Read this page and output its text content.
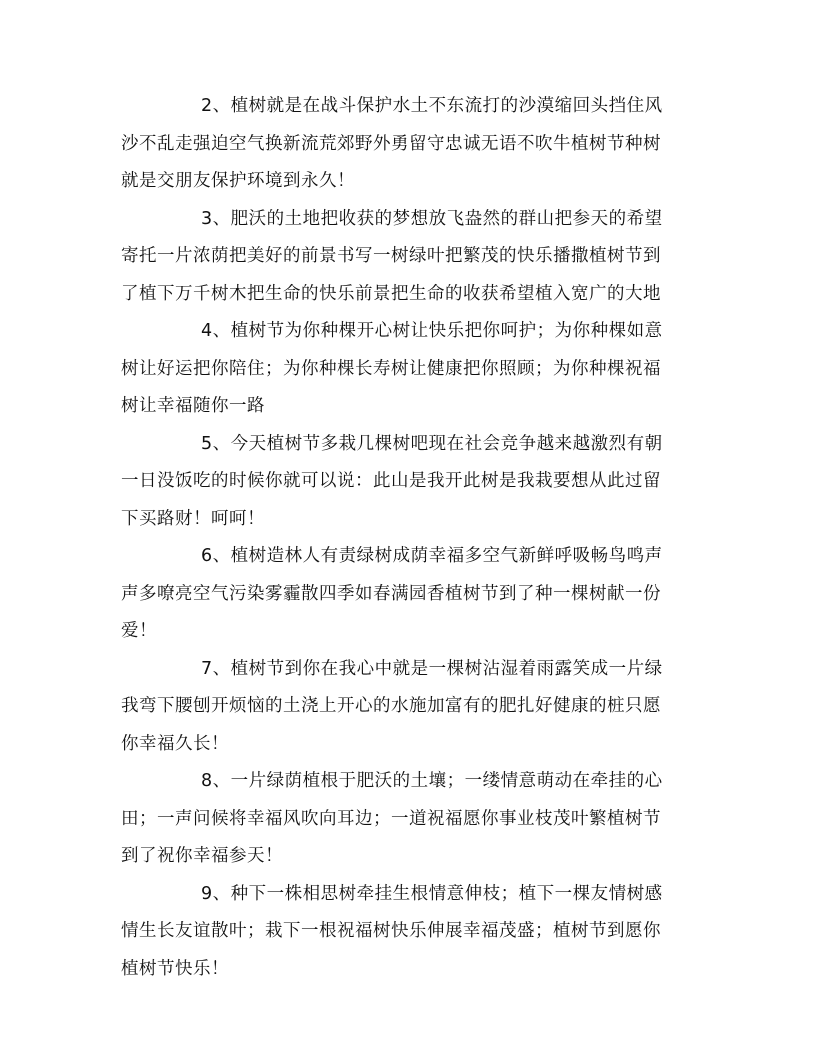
2、植树就是在战斗保护水土不东流打的沙漠缩回头挡住风
沙不乱走强迫空气换新流荒郊野外勇留守忠诚无语不吹牛植树节种树
就是交朋友保护环境到永久！
3、肥沃的土地把收获的梦想放飞盎然的群山把参天的希望
寄托一片浓荫把美好的前景书写一树绿叶把繁茂的快乐播撒植树节到
了植下万千树木把生命的快乐前景把生命的收获希望植入宽广的大地
4、植树节为你种棵开心树让快乐把你呵护；为你种棵如意
树让好运把你陪住；为你种棵长寿树让健康把你照顾；为你种棵祝福
树让幸福随你一路
5、今天植树节多栽几棵树吧现在社会竞争越来越激烈有朝
一日没饭吃的时候你就可以说：此山是我开此树是我栽要想从此过留
下买路财！呵呵！
6、植树造林人有责绿树成荫幸福多空气新鲜呼吸畅鸟鸣声
声多嘹亮空气污染雾霾散四季如春满园香植树节到了种一棵树献一份
爱！
7、植树节到你在我心中就是一棵树沾湿着雨露笑成一片绿
我弯下腰刨开烦恼的土浇上开心的水施加富有的肥扎好健康的桩只愿
你幸福久长！
8、一片绿荫植根于肥沃的土壤；一缕情意萌动在牵挂的心
田；一声问候将幸福风吹向耳边；一道祝福愿你事业枝茂叶繁植树节
到了祝你幸福参天！
9、种下一株相思树牵挂生根情意伸枝；植下一棵友情树感
情生长友谊散叶；栽下一根祝福树快乐伸展幸福茂盛；植树节到愿你
植树节快乐！
